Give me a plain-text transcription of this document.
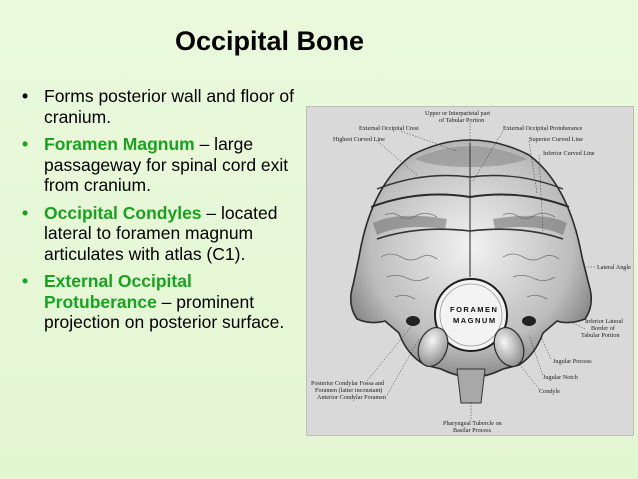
Occipital Bone
• Forms posterior wall and floor of cranium.
• Foramen Magnum – large passageway for spinal cord exit from cranium.
• Occipital Condyles – located lateral to foramen magnum articulates with atlas (C1).
• External Occipital Protuberance – prominent projection on posterior surface.
Upper or Interparietal part
of Tabular Portion
External Occipital Crest
Highest Curved Line
External Occipital Protuberance
Superior Curved Line
Inferior Curved Line
Lateral Angle
Inferior Lateral
Border of
Tabular Portion
Jugular Process
Jugular Notch
Condyle
Posterior Condylar Fossa and
Foramen (latter inconstant)
Anterior Condylar Foramen
Pharyngeal Tubercle on
Basilar Process
FORAMEN
MAGNUM
